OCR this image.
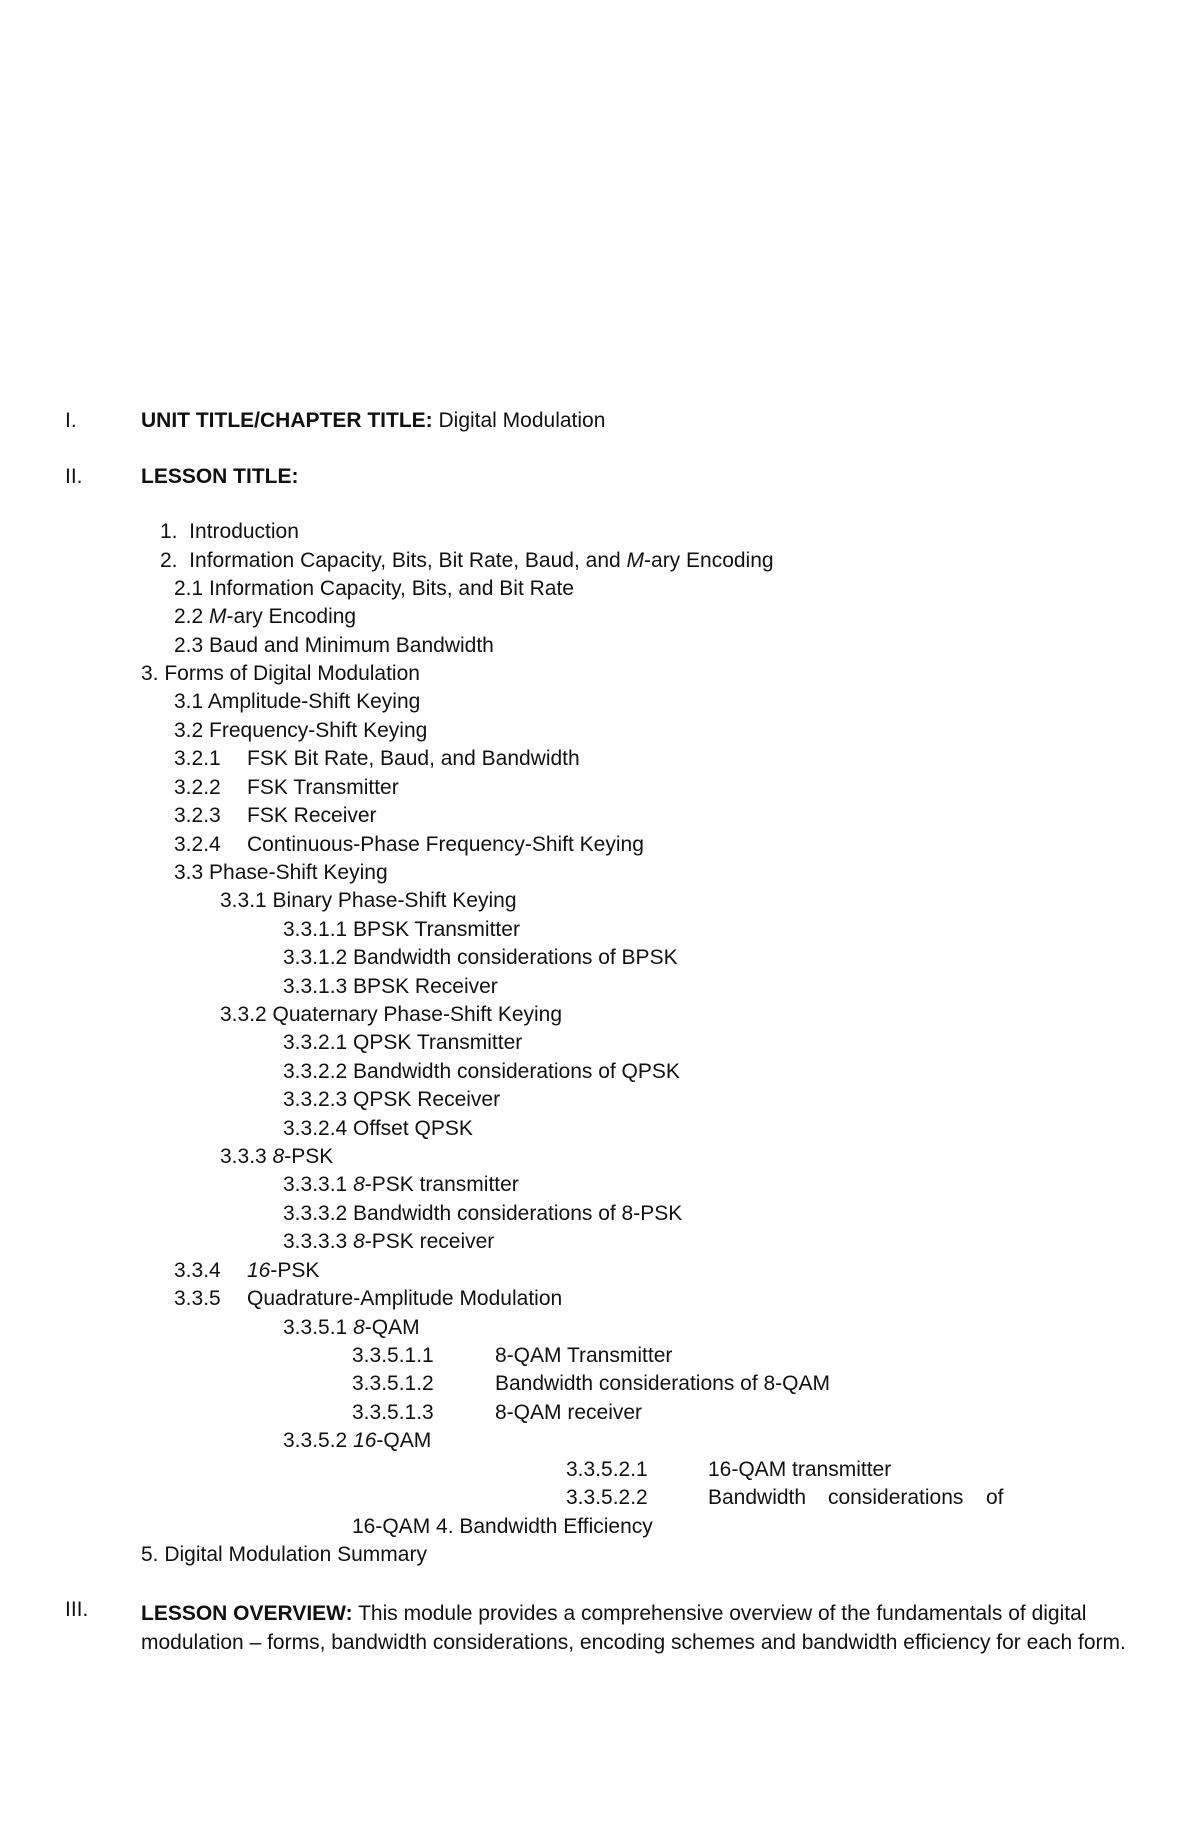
I.	UNIT TITLE/CHAPTER TITLE: Digital Modulation
II.	LESSON TITLE:
1.  Introduction
2.  Information Capacity, Bits, Bit Rate, Baud, and M-ary Encoding
2.1 Information Capacity, Bits, and Bit Rate
2.2 M-ary Encoding
2.3 Baud and Minimum Bandwidth
3. Forms of Digital Modulation
3.1 Amplitude-Shift Keying
3.2 Frequency-Shift Keying
3.2.1 FSK Bit Rate, Baud, and Bandwidth
3.2.2 FSK Transmitter
3.2.3 FSK Receiver
3.2.4 Continuous-Phase Frequency-Shift Keying
3.3 Phase-Shift Keying
3.3.1 Binary Phase-Shift Keying
3.3.1.1 BPSK Transmitter
3.3.1.2 Bandwidth considerations of BPSK
3.3.1.3 BPSK Receiver
3.3.2 Quaternary Phase-Shift Keying
3.3.2.1 QPSK Transmitter
3.3.2.2 Bandwidth considerations of QPSK
3.3.2.3 QPSK Receiver
3.3.2.4 Offset QPSK
3.3.3 8-PSK
3.3.3.1 8-PSK transmitter
3.3.3.2 Bandwidth considerations of 8-PSK
3.3.3.3 8-PSK receiver
3.3.4 16-PSK
3.3.5 Quadrature-Amplitude Modulation
3.3.5.1 8-QAM
3.3.5.1.1	8-QAM Transmitter
3.3.5.1.2	Bandwidth considerations of 8-QAM
3.3.5.1.3	8-QAM receiver
3.3.5.2 16-QAM
3.3.5.2.1	16-QAM transmitter
3.3.5.2.2	Bandwidth considerations of
16-QAM 4. Bandwidth Efficiency
5. Digital Modulation Summary
III.	LESSON OVERVIEW: This module provides a comprehensive overview of the fundamentals of digital modulation – forms, bandwidth considerations, encoding schemes and bandwidth efficiency for each form.
